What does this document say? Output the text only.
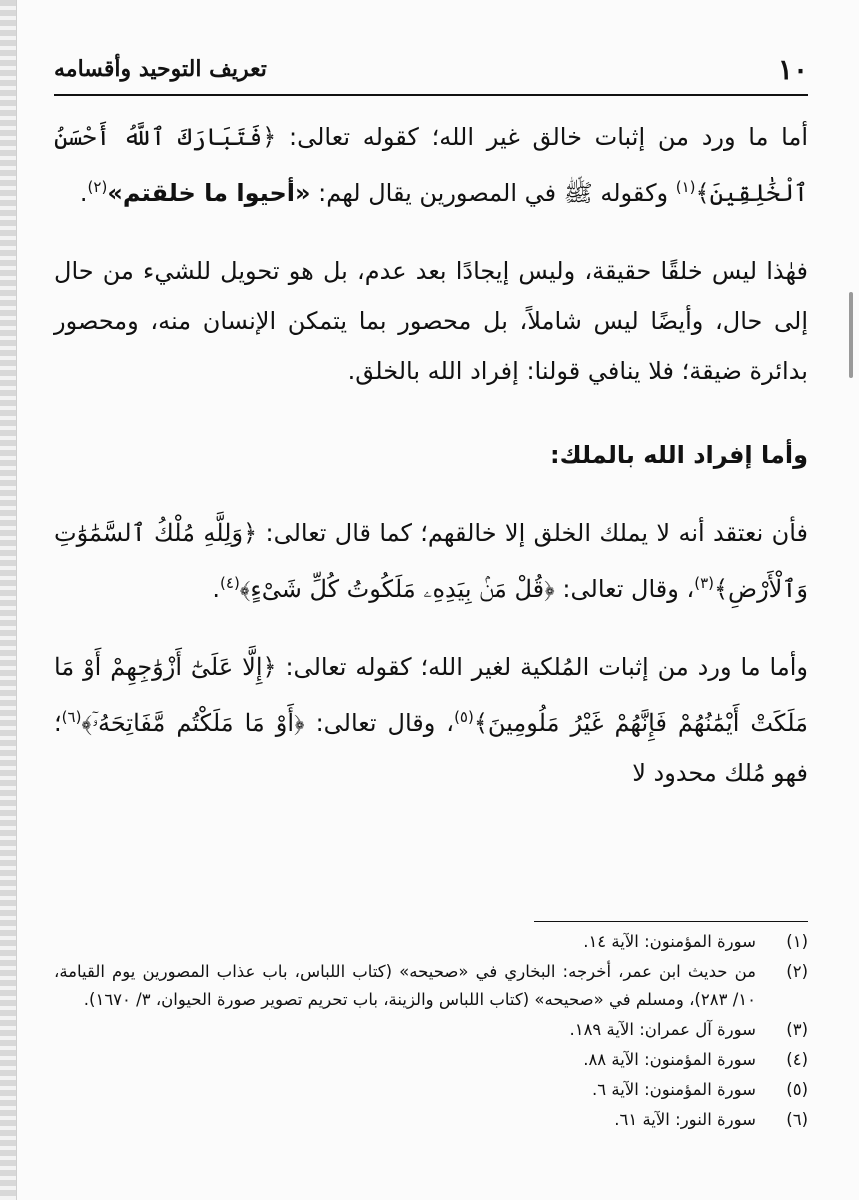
١٠
تعريف التوحيد وأقسامه

أما ما ورد من إثبات خالق غير الله؛ كقوله تعالى: ﴿فَتَبَارَكَ ٱللَّهُ أَحْسَنُ ٱلْخَٰلِقِينَ﴾$^{(١)}$ وكقوله ﷺ في المصورين يقال لهم: «أحيوا ما خلقتم»$^{(٢)}$.

فهٰذا ليس خلقًا حقيقة، وليس إيجادًا بعد عدم، بل هو تحويل للشيء من حال إلى حال، وأيضًا ليس شاملاً، بل محصور بما يتمكن الإنسان منه، ومحصور بدائرة ضيقة؛ فلا ينافي قولنا: إفراد الله بالخلق.

وأما إفراد الله بالملك:

فأن نعتقد أنه لا يملك الخلق إلا خالقهم؛ كما قال تعالى: ﴿وَلِلَّهِ مُلْكُ ٱلسَّمَٰوَٰتِ وَٱلْأَرْضِ﴾$^{(٣)}$، وقال تعالى: ﴿قُلْ مَنۢ بِيَدِهِۦ مَلَكُوتُ كُلِّ شَىْءٍ﴾$^{(٤)}$.

وأما ما ورد من إثبات المُلكية لغير الله؛ كقوله تعالى: ﴿إِلَّا عَلَىٰٓ أَزْوَٰجِهِمْ أَوْ مَا مَلَكَتْ أَيْمَٰنُهُمْ فَإِنَّهُمْ غَيْرُ مَلُومِينَ﴾$^{(٥)}$، وقال تعالى: ﴿أَوْ مَا مَلَكْتُم مَّفَاتِحَهُۥٓ﴾$^{(٦)}$؛ فهو مُلك محدود لا

(١)
سورة المؤمنون: الآية ١٤.
(٢)
من حديث ابن عمر، أخرجه: البخاري في «صحيحه» (كتاب اللباس، باب عذاب المصورين يوم القيامة، ١٠/ ٢٨٣)، ومسلم في «صحيحه» (كتاب اللباس والزينة، باب تحريم تصوير صورة الحيوان، ٣/ ١٦٧٠).
(٣)
سورة آل عمران: الآية ١٨٩.
(٤)
سورة المؤمنون: الآية ٨٨.
(٥)
سورة المؤمنون: الآية ٦.
(٦)
سورة النور: الآية ٦١.
